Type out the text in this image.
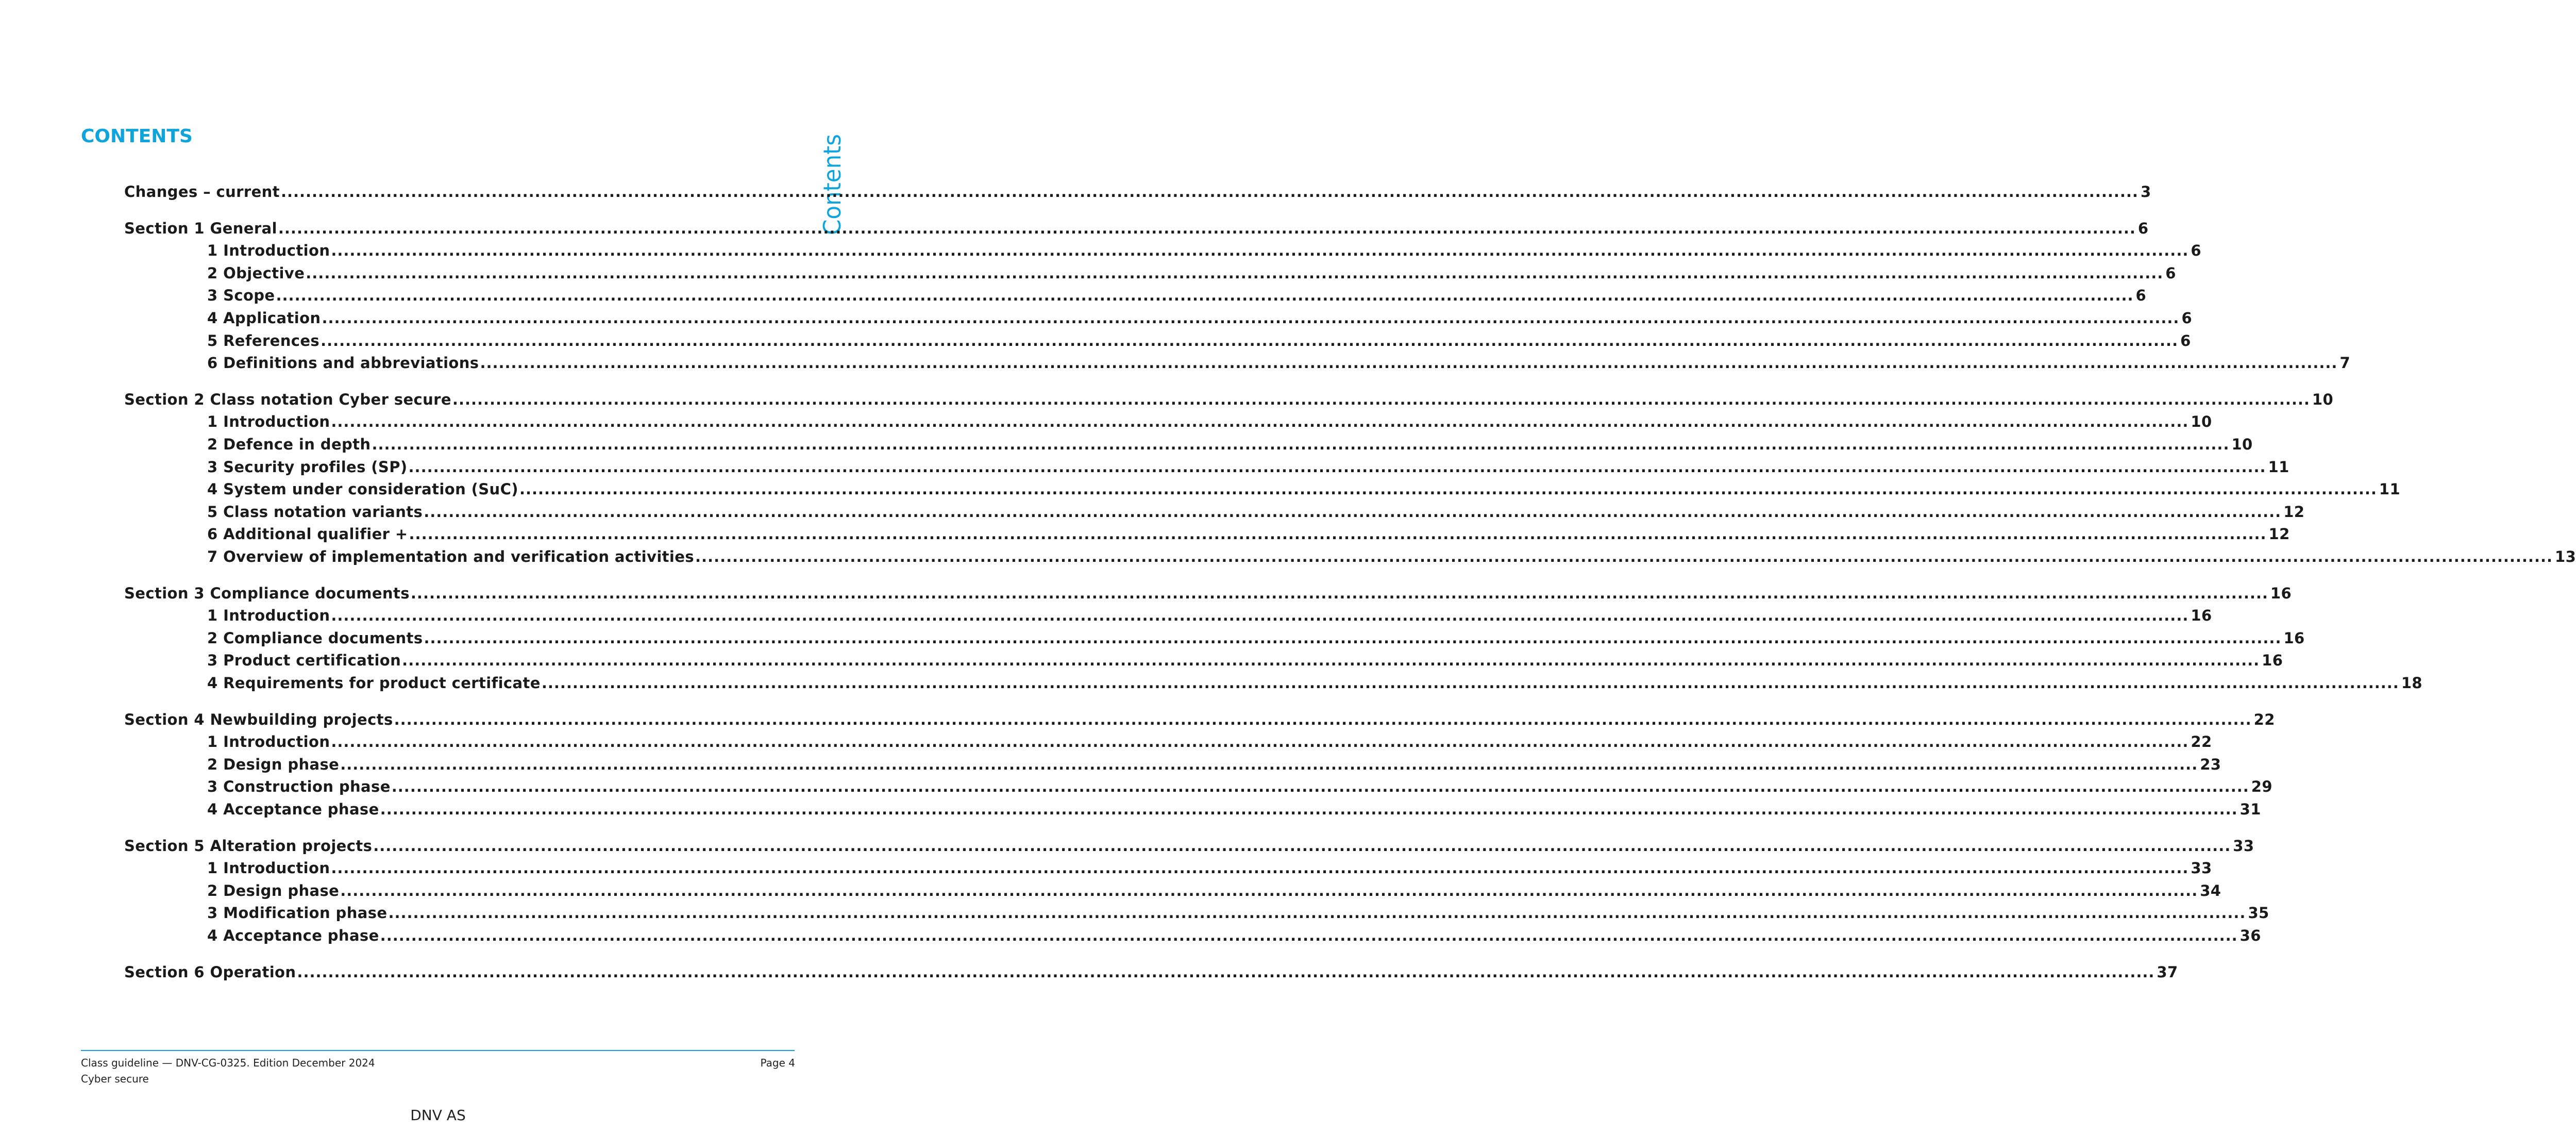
CONTENTS	Contents
Changes – current ............................................................................................................................................................................................................................................................................................................ 3
Section 1 General ............................................................................................................................................................................................................................................................................................................ 6
1 Introduction ............................................................................................................................................................................................................................................................................................................ 6
2 Objective ............................................................................................................................................................................................................................................................................................................ 6
3 Scope ............................................................................................................................................................................................................................................................................................................ 6
4 Application ............................................................................................................................................................................................................................................................................................................ 6
5 References ............................................................................................................................................................................................................................................................................................................ 6
6 Definitions and abbreviations ............................................................................................................................................................................................................................................................................................................ 7
Section 2 Class notation Cyber secure ............................................................................................................................................................................................................................................................................................................ 10
1 Introduction ............................................................................................................................................................................................................................................................................................................ 10
2 Defence in depth ............................................................................................................................................................................................................................................................................................................ 10
3 Security profiles (SP) ............................................................................................................................................................................................................................................................................................................ 11
4 System under consideration (SuC) ............................................................................................................................................................................................................................................................................................................ 11
5 Class notation variants ............................................................................................................................................................................................................................................................................................................ 12
6 Additional qualifier + ............................................................................................................................................................................................................................................................................................................ 12
7 Overview of implementation and verification activities ............................................................................................................................................................................................................................................................................................................ 13
Section 3 Compliance documents ............................................................................................................................................................................................................................................................................................................ 16
1 Introduction ............................................................................................................................................................................................................................................................................................................ 16
2 Compliance documents ............................................................................................................................................................................................................................................................................................................ 16
3 Product certification ............................................................................................................................................................................................................................................................................................................ 16
4 Requirements for product certificate ............................................................................................................................................................................................................................................................................................................ 18
Section 4 Newbuilding projects ............................................................................................................................................................................................................................................................................................................ 22
1 Introduction ............................................................................................................................................................................................................................................................................................................ 22
2 Design phase ............................................................................................................................................................................................................................................................................................................ 23
3 Construction phase ............................................................................................................................................................................................................................................................................................................ 29
4 Acceptance phase ............................................................................................................................................................................................................................................................................................................ 31
Section 5 Alteration projects ............................................................................................................................................................................................................................................................................................................ 33
1 Introduction ............................................................................................................................................................................................................................................................................................................ 33
2 Design phase ............................................................................................................................................................................................................................................................................................................ 34
3 Modification phase ............................................................................................................................................................................................................................................................................................................ 35
4 Acceptance phase ............................................................................................................................................................................................................................................................................................................ 36
Section 6 Operation ............................................................................................................................................................................................................................................................................................................ 37
Class guideline — DNV-CG-0325. Edition December 2024
Cyber secure
Page 4
DNV AS
